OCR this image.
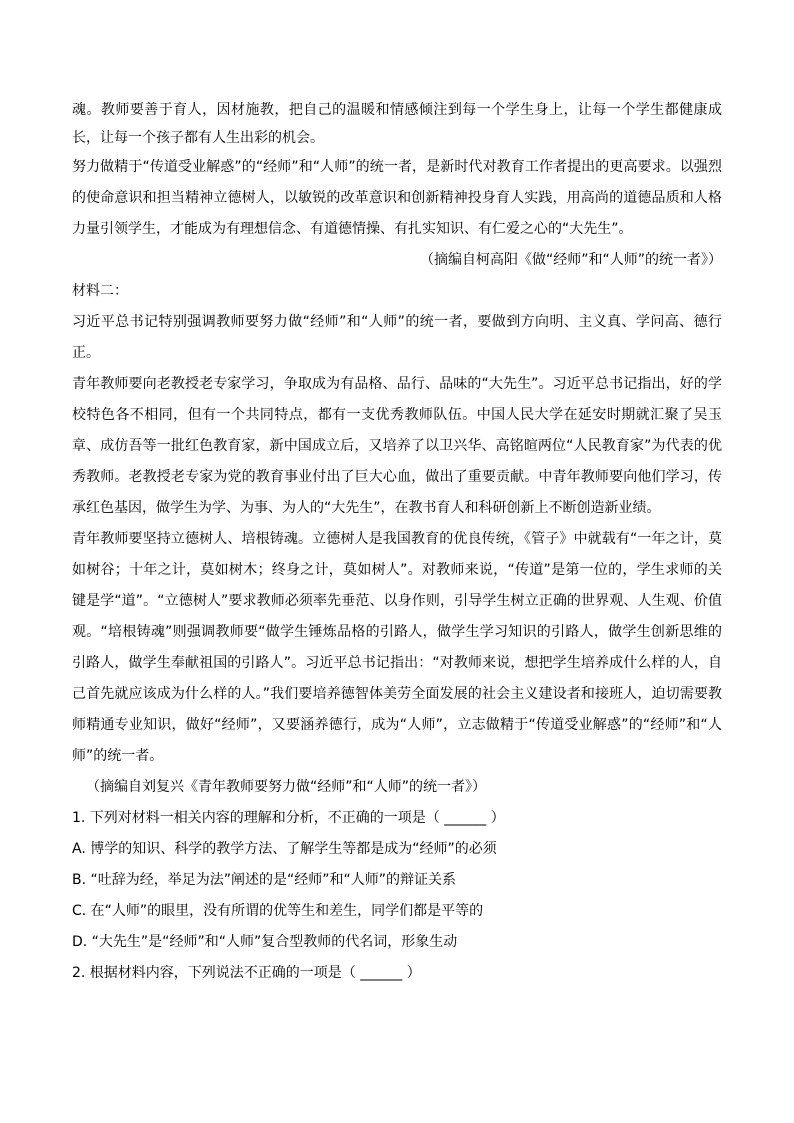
魂。教师要善于育人，因材施教，把自己的温暖和情感倾注到每一个学生身上，让每一个学生都健康成长，让每一个孩子都有人生出彩的机会。

努力做精于“传道受业解惑”的“经师”和“人师”的统一者，是新时代对教育工作者提出的更高要求。以强烈的使命意识和担当精神立德树人，以敏锐的改革意识和创新精神投身育人实践，用高尚的道德品质和人格力量引领学生，才能成为有理想信念、有道德情操、有扎实知识、有仁爱之心的“大先生”。

（摘编自柯高阳《做“经师”和“人师”的统一者》）

材料二：

习近平总书记特别强调教师要努力做“经师”和“人师”的统一者，要做到方向明、主义真、学问高、德行正。

青年教师要向老教授老专家学习，争取成为有品格、品行、品味的“大先生”。习近平总书记指出，好的学校特色各不相同，但有一个共同特点，都有一支优秀教师队伍。中国人民大学在延安时期就汇聚了吴玉章、成仿吾等一批红色教育家，新中国成立后，又培养了以卫兴华、高铭暄两位“人民教育家”为代表的优秀教师。老教授老专家为党的教育事业付出了巨大心血，做出了重要贡献。中青年教师要向他们学习，传承红色基因，做学生为学、为事、为人的“大先生”，在教书育人和科研创新上不断创造新业绩。

青年教师要坚持立德树人、培根铸魂。立德树人是我国教育的优良传统，《管子》中就载有“一年之计，莫如树谷；十年之计，莫如树木；终身之计，莫如树人”。对教师来说，“传道”是第一位的，学生求师的关键是学“道”。“立德树人”要求教师必须率先垂范、以身作则，引导学生树立正确的世界观、人生观、价值观。“培根铸魂”则强调教师要“做学生锤炼品格的引路人，做学生学习知识的引路人，做学生创新思维的引路人，做学生奉献祖国的引路人”。习近平总书记指出：“对教师来说，想把学生培养成什么样的人，自己首先就应该成为什么样的人。”我们要培养德智体美劳全面发展的社会主义建设者和接班人，迫切需要教师精通专业知识，做好“经师”，又要涵养德行，成为“人师”，立志做精于“传道受业解惑”的“经师”和“人师”的统一者。

（摘编自刘复兴《青年教师要努力做“经师”和“人师”的统一者》）

1. 下列对材料一相关内容的理解和分析，不正确的一项是（ ______ ）

A. 博学的知识、科学的教学方法、了解学生等都是成为“经师”的必须

B. “吐辞为经，举足为法”阐述的是“经师”和“人师”的辩证关系

C. 在“人师”的眼里，没有所谓的优等生和差生，同学们都是平等的

D. “大先生”是“经师”和“人师”复合型教师的代名词，形象生动

2. 根据材料内容，下列说法不正确的一项是（ ______ ）
